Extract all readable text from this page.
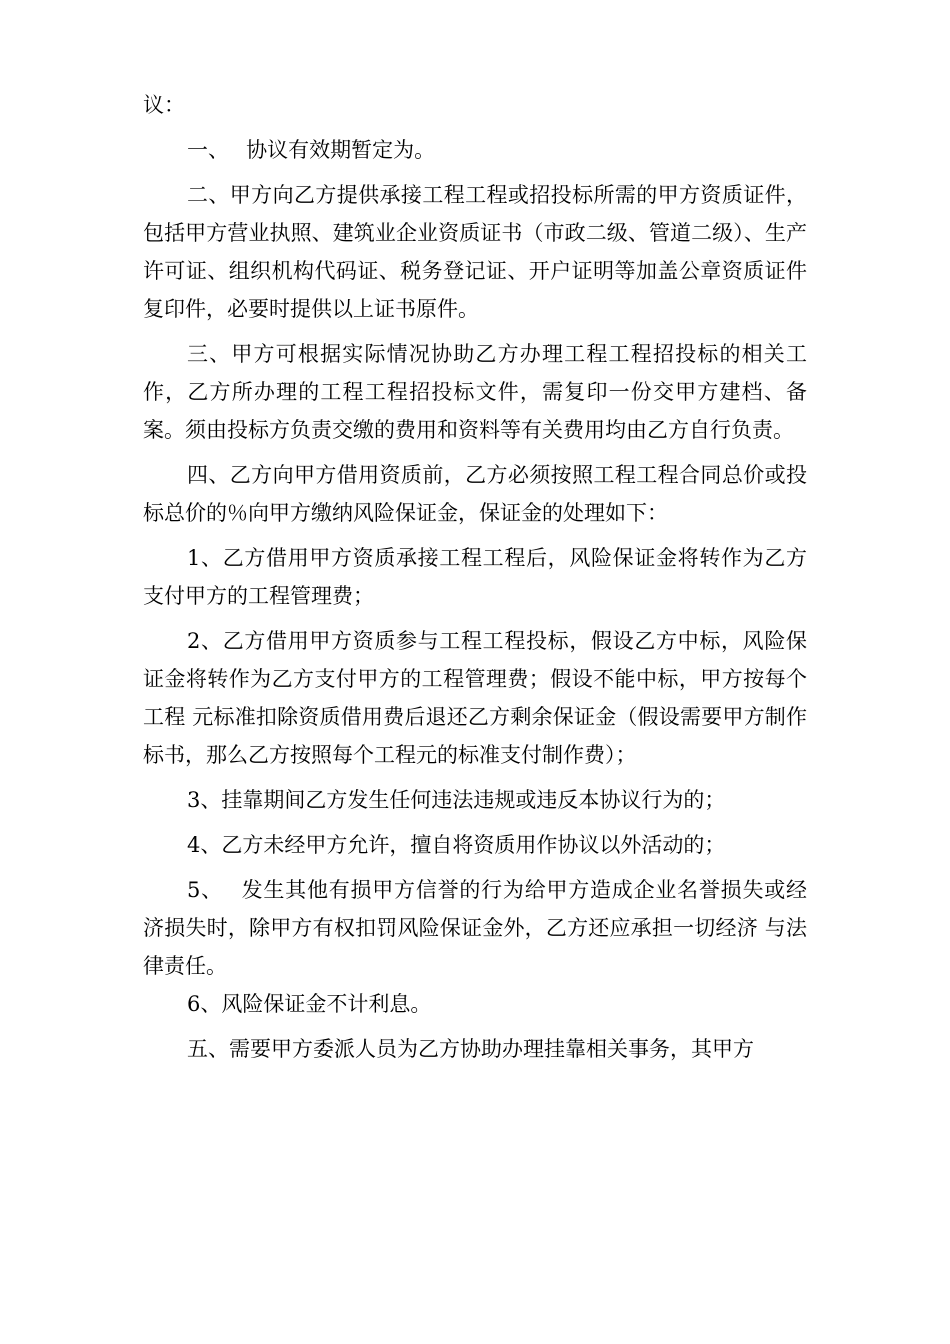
议：

一、　 协议有效期暂定为。

二、甲方向乙方提供承接工程工程或招投标所需的甲方资质证件，包括甲方营业执照、建筑业企业资质证书（市政二级、管道二级）、生产许可证、组织机构代码证、税务登记证、开户证明等加盖公章资质证件复印件，必要时提供以上证书原件。

三、甲方可根据实际情况协助乙方办理工程工程招投标的相关工作，乙方所办理的工程工程招投标文件，需复印一份交甲方建档、备案。须由投标方负责交缴的费用和资料等有关费用均由乙方自行负责。

四、乙方向甲方借用资质前，乙方必须按照工程工程合同总价或投标总价的％向甲方缴纳风险保证金，保证金的处理如下：

1、乙方借用甲方资质承接工程工程后，风险保证金将转作为乙方支付甲方的工程管理费；

2、乙方借用甲方资质参与工程工程投标，假设乙方中标，风险保证金将转作为乙方支付甲方的工程管理费；假设不能中标，甲方按每个工程 元标准扣除资质借用费后退还乙方剩余保证金（假设需要甲方制作标书，那么乙方按照每个工程元的标准支付制作费）；

3、挂靠期间乙方发生任何违法违规或违反本协议行为的；

4、乙方未经甲方允许，擅自将资质用作协议以外活动的；

5、　 发生其他有损甲方信誉的行为给甲方造成企业名誉损失或经 济损失时，除甲方有权扣罚风险保证金外，乙方还应承担一切经济 与法律责任。

6、风险保证金不计利息。

五、需要甲方委派人员为乙方协助办理挂靠相关事务，其甲方
